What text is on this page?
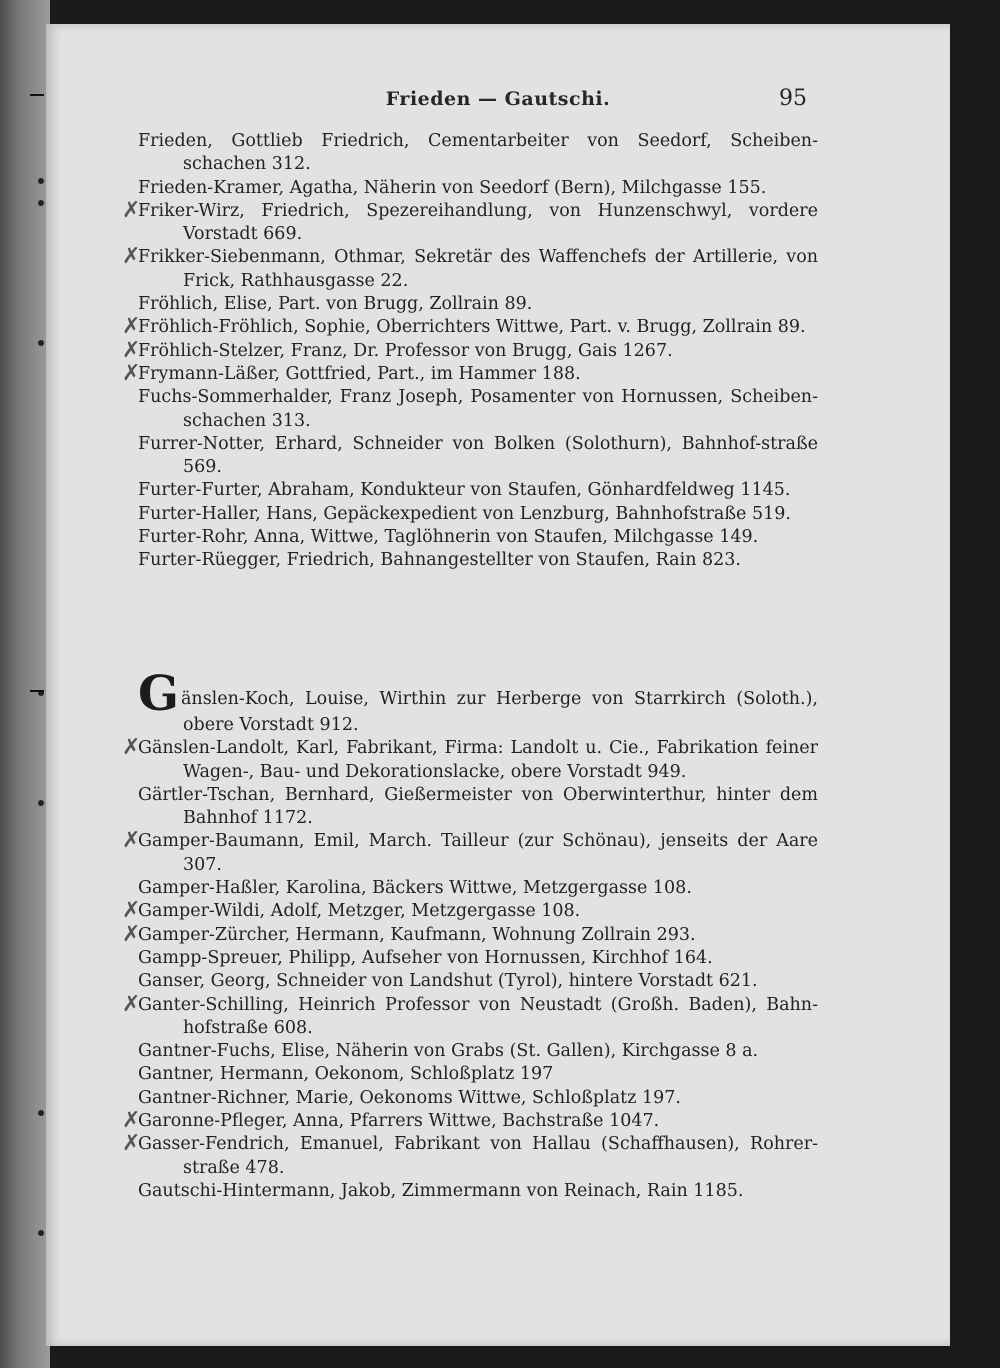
Frieden — Gautschi.	95
Frieden, Gottlieb Friedrich, Cementarbeiter von Seedorf, Scheiben-schachen 312.
Frieden-Kramer, Agatha, Näherin von Seedorf (Bern), Milchgasse 155.
✗
Friker-Wirz, Friedrich, Spezereihandlung, von Hunzenschwyl, vordere Vorstadt 669.
✗
Frikker-Siebenmann, Othmar, Sekretär des Waffenchefs der Artillerie, von Frick, Rathhausgasse 22.
Fröhlich, Elise, Part. von Brugg, Zollrain 89.
✗
Fröhlich-Fröhlich, Sophie, Oberrichters Wittwe, Part. v. Brugg, Zollrain 89.
✗
Fröhlich-Stelzer, Franz, Dr. Professor von Brugg, Gais 1267.
✗
Frymann-Läßer, Gottfried, Part., im Hammer 188.
Fuchs-Sommerhalder, Franz Joseph, Posamenter von Hornussen, Scheiben-schachen 313.
Furrer-Notter, Erhard, Schneider von Bolken (Solothurn), Bahnhof-straße 569.
Furter-Furter, Abraham, Kondukteur von Staufen, Gönhardfeldweg 1145.
Furter-Haller, Hans, Gepäckexpedient von Lenzburg, Bahnhofstraße 519.
Furter-Rohr, Anna, Wittwe, Taglöhnerin von Staufen, Milchgasse 149.
Furter-Rüegger, Friedrich, Bahnangestellter von Staufen, Rain 823.
Gänslen-Koch, Louise, Wirthin zur Herberge von Starrkirch (Soloth.), obere Vorstadt 912.
✗
Gänslen-Landolt, Karl, Fabrikant, Firma: Landolt u. Cie., Fabrikation feiner Wagen-, Bau- und Dekorationslacke, obere Vorstadt 949.
Gärtler-Tschan, Bernhard, Gießermeister von Oberwinterthur, hinter dem Bahnhof 1172.
✗
Gamper-Baumann, Emil, March. Tailleur (zur Schönau), jenseits der Aare 307.
Gamper-Haßler, Karolina, Bäckers Wittwe, Metzgergasse 108.
✗
Gamper-Wildi, Adolf, Metzger, Metzgergasse 108.
✗
Gamper-Zürcher, Hermann, Kaufmann, Wohnung Zollrain 293.
Gampp-Spreuer, Philipp, Aufseher von Hornussen, Kirchhof 164.
Ganser, Georg, Schneider von Landshut (Tyrol), hintere Vorstadt 621.
✗
Ganter-Schilling, Heinrich Professor von Neustadt (Großh. Baden), Bahn-hofstraße 608.
Gantner-Fuchs, Elise, Näherin von Grabs (St. Gallen), Kirchgasse 8 a.
Gantner, Hermann, Oekonom, Schloßplatz 197
Gantner-Richner, Marie, Oekonoms Wittwe, Schloßplatz 197.
✗
Garonne-Pfleger, Anna, Pfarrers Wittwe, Bachstraße 1047.
✗
Gasser-Fendrich, Emanuel, Fabrikant von Hallau (Schaffhausen), Rohrer-straße 478.
Gautschi-Hintermann, Jakob, Zimmermann von Reinach, Rain 1185.
